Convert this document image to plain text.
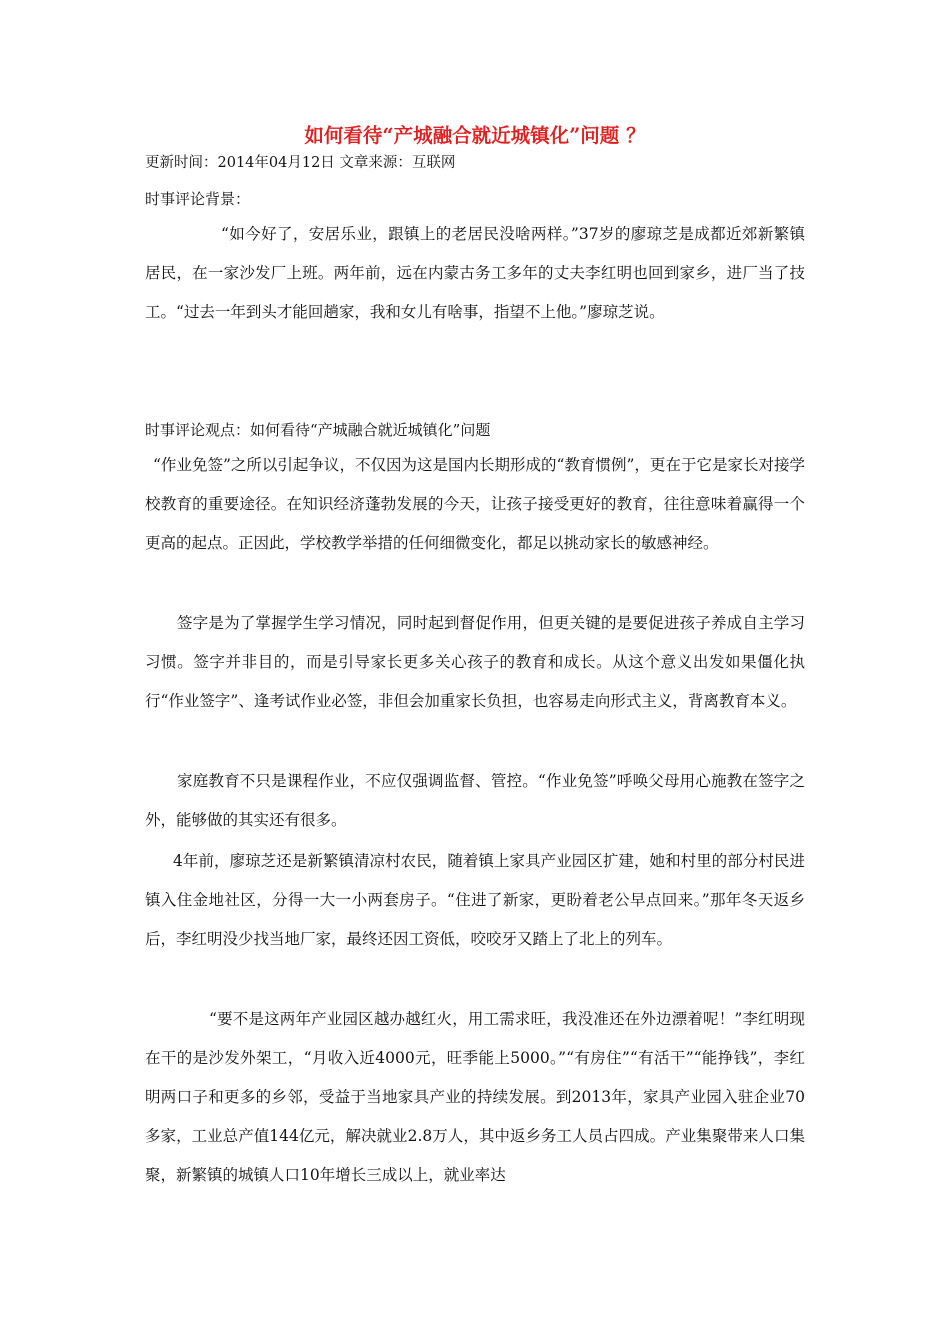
如何看待“产城融合就近城镇化”问题 ？
更新时间：2014年04月12日 文章来源：互联网
时事评论背景：
“如今好了，安居乐业，跟镇上的老居民没啥两样。”37岁的廖琼芝是成都近郊新繁镇居民，在一家沙发厂上班。两年前，远在内蒙古务工多年的丈夫李红明也回到家乡，进厂当了技工。“过去一年到头才能回趟家，我和女儿有啥事，指望不上他。”廖琼芝说。
时事评论观点：如何看待“产城融合就近城镇化”问题
“作业免签”之所以引起争议，不仅因为这是国内长期形成的“教育惯例”，更在于它是家长对接学校教育的重要途径。在知识经济蓬勃发展的今天，让孩子接受更好的教育，往往意味着赢得一个更高的起点。正因此，学校教学举措的任何细微变化，都足以挑动家长的敏感神经。
签字是为了掌握学生学习情况，同时起到督促作用，但更关键的是要促进孩子养成自主学习习惯。签字并非目的，而是引导家长更多关心孩子的教育和成长。从这个意义出发如果僵化执行“作业签字”、逢考试作业必签，非但会加重家长负担，也容易走向形式主义，背离教育本义。
家庭教育不只是课程作业，不应仅强调监督、管控。“作业免签”呼唤父母用心施教在签字之外，能够做的其实还有很多。
4年前，廖琼芝还是新繁镇清凉村农民，随着镇上家具产业园区扩建，她和村里的部分村民进镇入住金地社区，分得一大一小两套房子。“住进了新家，更盼着老公早点回来。”那年冬天返乡后，李红明没少找当地厂家，最终还因工资低，咬咬牙又踏上了北上的列车。
“要不是这两年产业园区越办越红火，用工需求旺，我没准还在外边漂着呢！”李红明现在干的是沙发外架工，“月收入近4000元，旺季能上5000。”“有房住”“有活干”“能挣钱”，李红明两口子和更多的乡邻，受益于当地家具产业的持续发展。到2013年，家具产业园入驻企业70多家，工业总产值144亿元，解决就业2.8万人，其中返乡务工人员占四成。产业集聚带来人口集聚，新繁镇的城镇人口10年增长三成以上，就业率达
